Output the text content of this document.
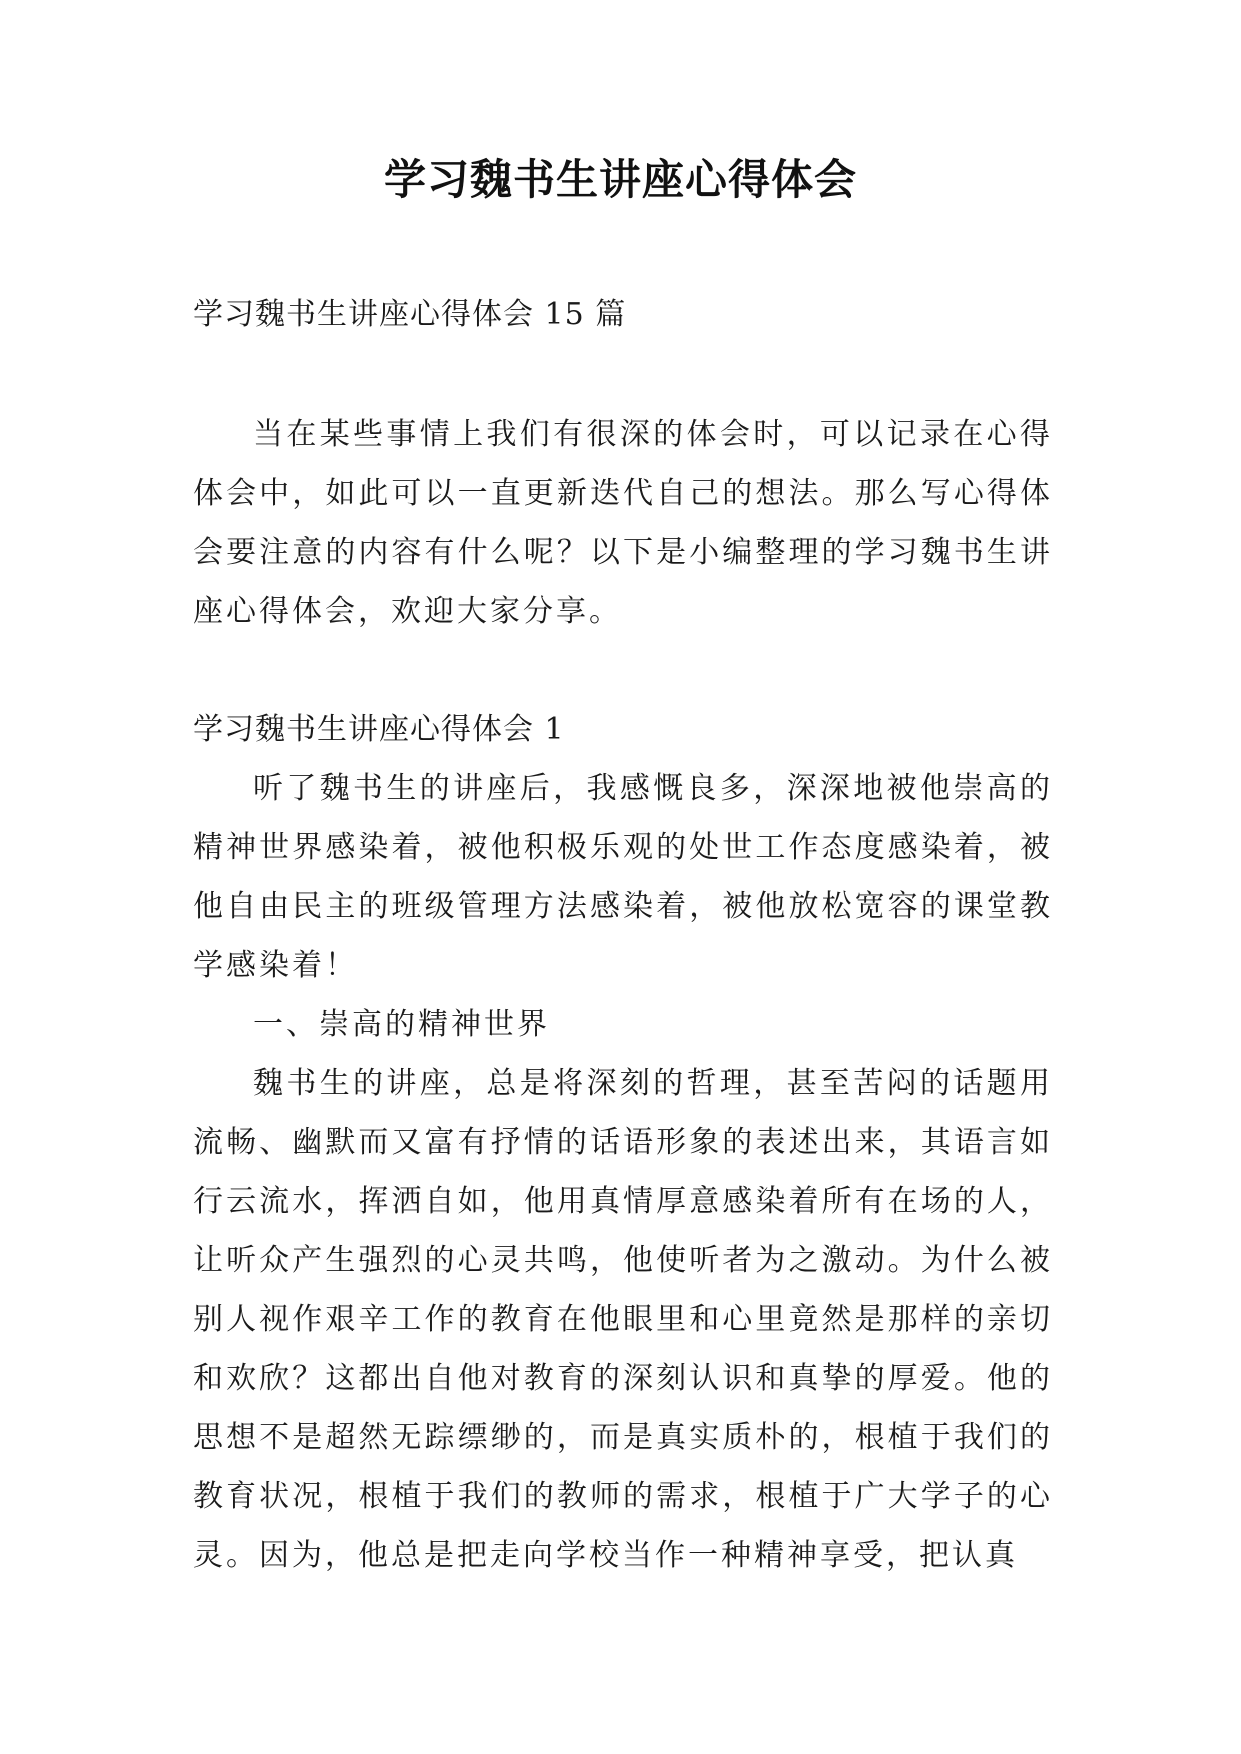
学习魏书生讲座心得体会

学习魏书生讲座心得体会 15 篇

当在某些事情上我们有很深的体会时，可以记录在心得体会中，如此可以一直更新迭代自己的想法。那么写心得体会要注意的内容有什么呢？以下是小编整理的学习魏书生讲座心得体会，欢迎大家分享。

学习魏书生讲座心得体会 1

听了魏书生的讲座后，我感慨良多，深深地被他崇高的精神世界感染着，被他积极乐观的处世工作态度感染着，被他自由民主的班级管理方法感染着，被他放松宽容的课堂教学感染着！

一、崇高的精神世界

魏书生的讲座，总是将深刻的哲理，甚至苦闷的话题用流畅、幽默而又富有抒情的话语形象的表述出来，其语言如行云流水，挥洒自如，他用真情厚意感染着所有在场的人，让听众产生强烈的心灵共鸣，他使听者为之激动。为什么被别人视作艰辛工作的教育在他眼里和心里竟然是那样的亲切和欢欣？这都出自他对教育的深刻认识和真挚的厚爱。他的思想不是超然无踪缥缈的，而是真实质朴的，根植于我们的教育状况，根植于我们的教师的需求，根植于广大学子的心灵。因为，他总是把走向学校当作一种精神享受，把认真
